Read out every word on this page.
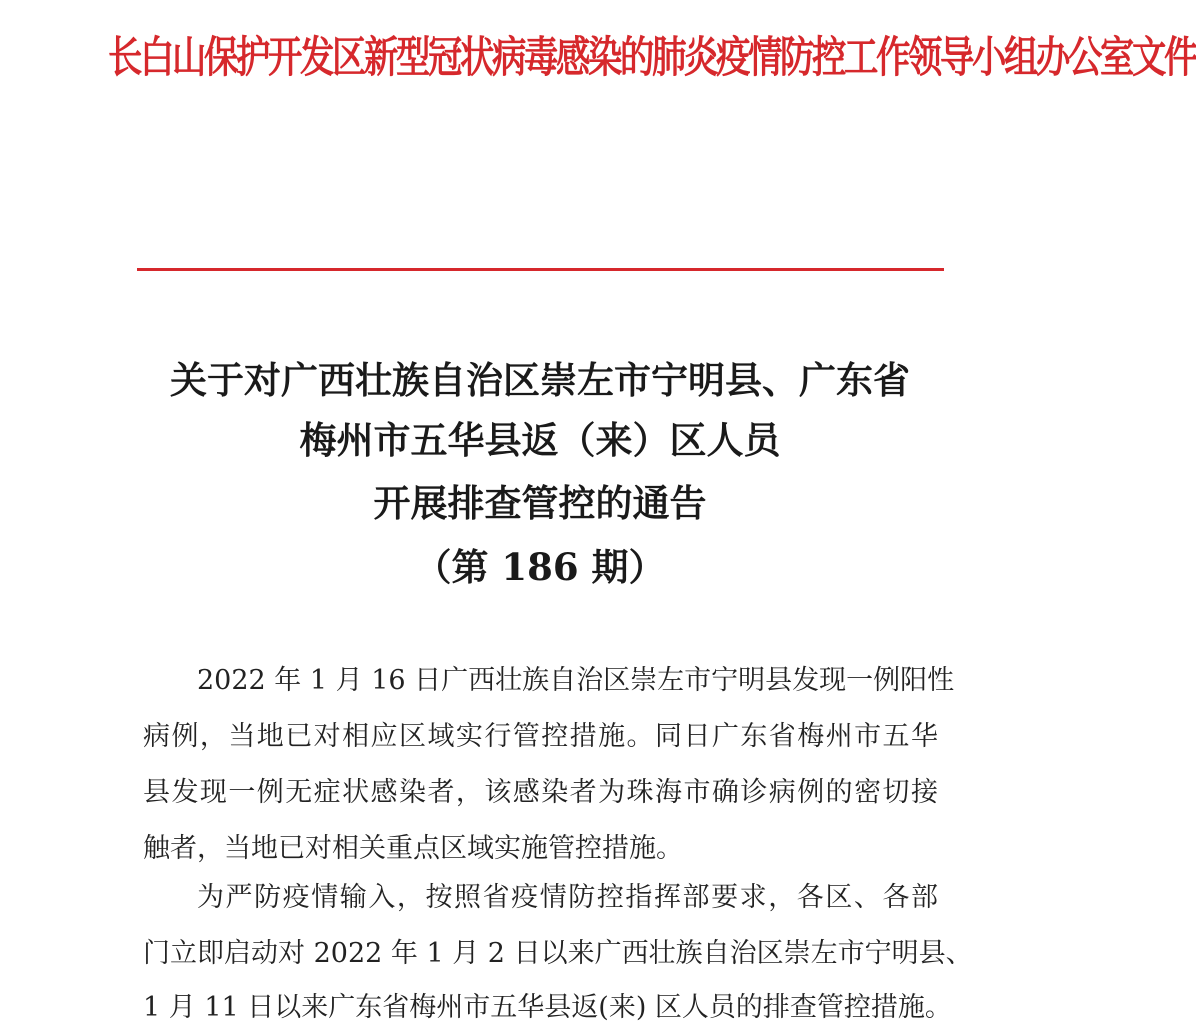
长白山保护开发区新型冠状病毒感染的肺炎疫情防控工作领导小组办公室文件
关于对广西壮族自治区崇左市宁明县、广东省
梅州市五华县返（来）区人员
开展排查管控的通告
（第 186 期）
2022 年 1 月 16 日广西壮族自治区崇左市宁明县发现一例阳性
病例，当地已对相应区域实行管控措施。同日广东省梅州市五华
县发现一例无症状感染者，该感染者为珠海市确诊病例的密切接
触者，当地已对相关重点区域实施管控措施。
为严防疫情输入，按照省疫情防控指挥部要求，各区、各部
门立即启动对 2022 年 1 月 2 日以来广西壮族自治区崇左市宁明县、
1 月 11 日以来广东省梅州市五华县返(来) 区人员的排查管控措施。
